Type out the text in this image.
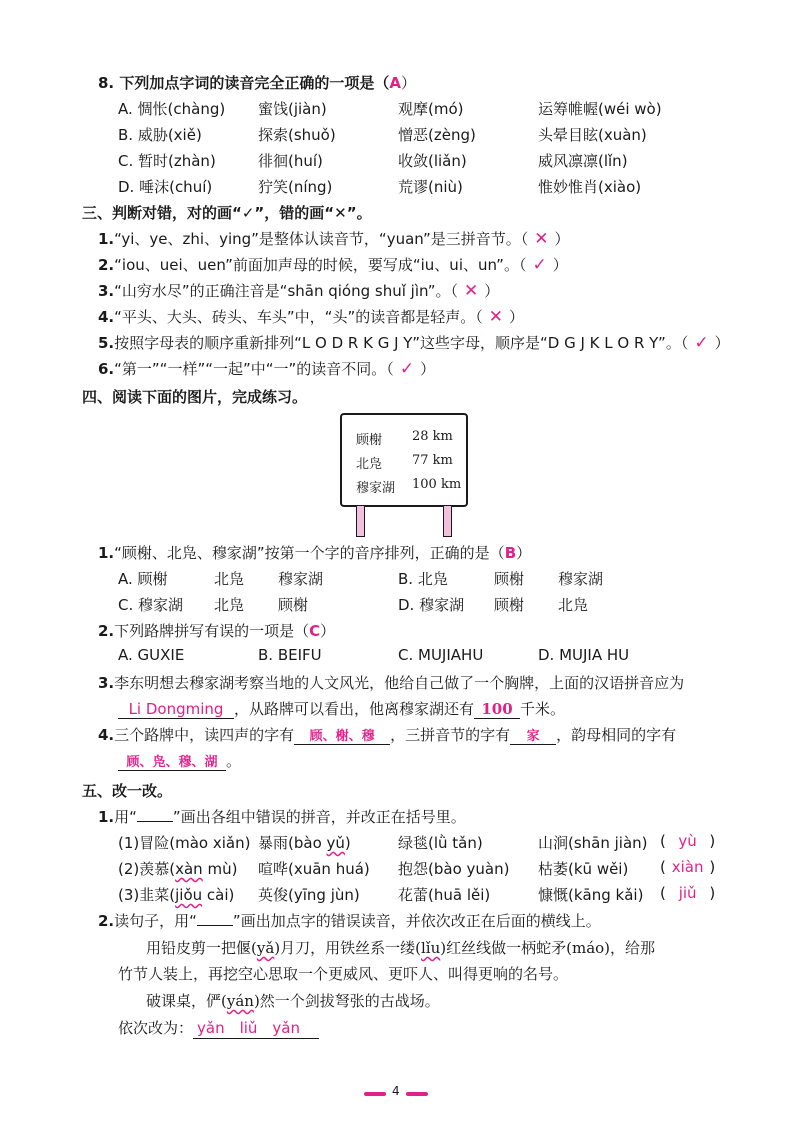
8. 下列加点字词的读音完全正确的一项是（A）
A. 惆怅(chàng) 蜜饯(jiàn)	观摩(mó)	运筹帷幄(wéi wò)
B. 威胁(xiě)	探索(shuǒ)	憎恶(zèng)	头晕目眩(xuàn)
C. 暂时(zhàn)	徘徊(huí)	收敛(liǎn)	威风凛凛(lǐn)
D. 唾沫(chuí)	狞笑(níng)	荒谬(niù)	惟妙惟肖(xiào)
三、判断对错，对的画“✓”，错的画“✕”。
1.“yi、ye、zhi、ying”是整体认读音节，“yuan”是三拼音节。（ ✕ ）
2.“iou、uei、uen”前面加声母的时候，要写成“iu、ui、un”。（ ✓ ）
3.“山穷水尽”的正确注音是“shān qióng shuǐ jìn”。（ ✕ ）
4.“平头、大头、砖头、车头”中，“头”的读音都是轻声。（ ✕ ）
5.按照字母表的顺序重新排列“L O D R K G J Y”这些字母，顺序是“D G J K L O R Y”。（ ✓ ）
6.“第一”“一样”“一起”中“一”的读音不同。（ ✓ ）
四、阅读下面的图片，完成练习。
顾榭 28 km
北凫 77 km
穆家湖 100 km
1.“顾榭、北凫、穆家湖”按第一个字的音序排列，正确的是（B）
A. 顾榭	北凫 穆家湖	B. 北凫	顾榭 穆家湖
C. 穆家湖 北凫 顾榭	D. 穆家湖 顾榭 北凫
2.下列路牌拼写有误的一项是（C）
A. GUXIE	B. BEIFU	C. MUJIAHU	D. MUJIA HU
3.李东明想去穆家湖考察当地的人文风光，他给自己做了一个胸牌，上面的汉语拼音应为
Li Dongming ，从路牌可以看出，他离穆家湖还有 100 千米。
4.三个路牌中，读四声的字有 顾、榭、穆 ，三拼音节的字有 家 ，韵母相同的字有
顾、凫、穆、湖 。
五、改一改。
1.用“ ”画出各组中错误的拼音，并改正在括号里。
(1)冒险(mào xiǎn) 暴雨(bào yǔ)	绿毯(lǜ tǎn)	山涧(shān jiàn) ( yù )
(2)羡慕(xàn mù) 喧哗(xuān huá) 抱怨(bào yuàn) 枯萎(kū wěi) ( xiàn )
(3)韭菜(jiǒu cài) 英俊(yīng jùn)	花蕾(huā lěi)	慷慨(kāng kǎi) ( jiǔ )
2.读句子，用“ ”画出加点字的错误读音，并依次改正在后面的横线上。
用铅皮剪一把偃(yǎ)月刀，用铁丝系一缕(lǐu)红丝线做一柄蛇矛(máo)，给那
竹节人装上，再挖空心思取一个更威风、更吓人、叫得更响的名号。
破课桌，俨(yán)然一个剑拔弩张的古战场。
依次改为： yǎn　liǔ　yǎn
4
